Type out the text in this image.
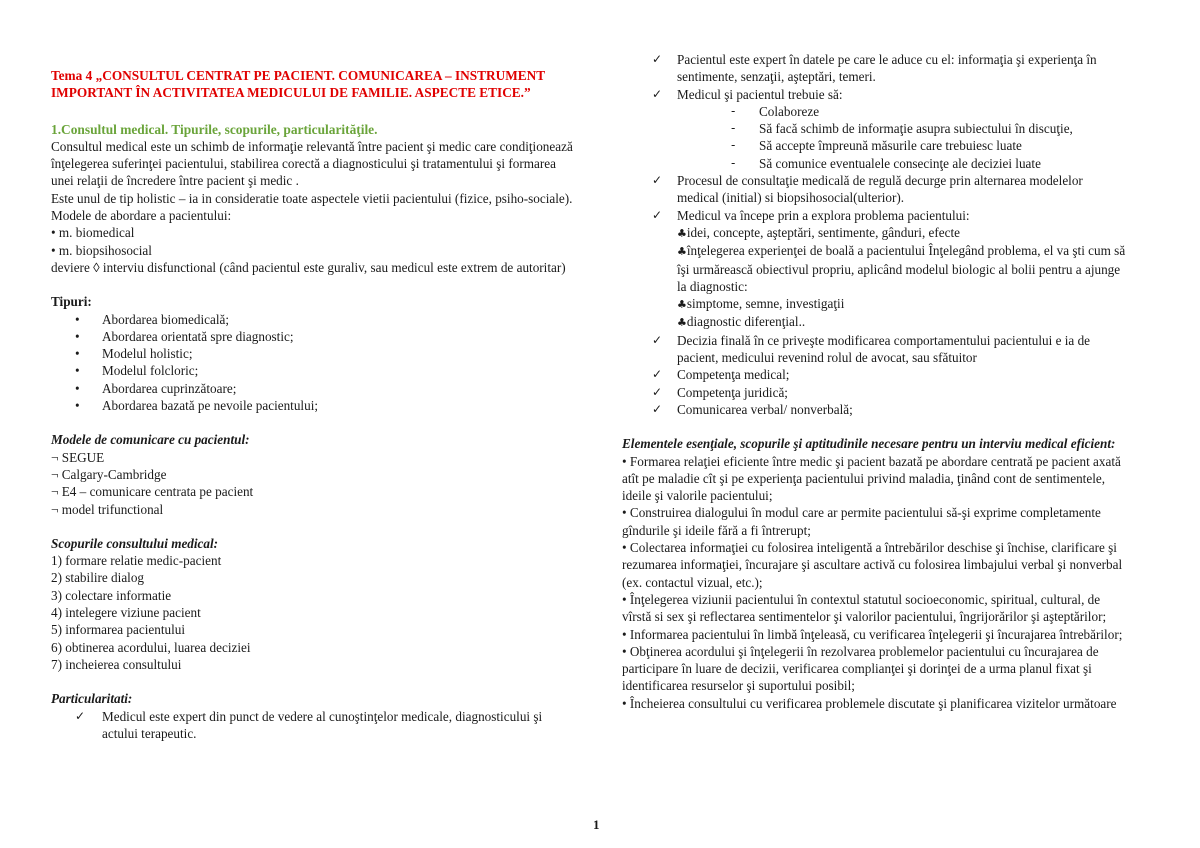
Tema 4 „CONSULTUL CENTRAT PE PACIENT. COMUNICAREA – INSTRUMENT IMPORTANT ÎN ACTIVITATEA MEDICULUI DE FAMILIE. ASPECTE ETICE.”

1.Consultul medical. Tipurile, scopurile, particularităţile.

Consultul medical este un schimb de informaţie relevantă între pacient şi medic care condiţionează înţelegerea suferinţei pacientului, stabilirea corectă a diagnosticului şi tratamentului şi formarea unei relaţii de încredere între pacient şi medic .

Este unul de tip holistic – ia in consideratie toate aspectele vietii pacientului (fizice, psiho-sociale).

Modele de abordare a pacientului:

• m. biomedical

• m. biopsihosocial

deviere ◊ interviu disfunctional (când pacientul este guraliv, sau medicul este extrem de autoritar)

Tipuri:

• Abordarea biomedicală;
• Abordarea orientată spre diagnostic;
• Modelul holistic;
• Modelul folcloric;
• Abordarea cuprinzătoare;
• Abordarea bazată pe nevoile pacientului;

Modele de comunicare cu pacientul:

¬ SEGUE

¬ Calgary-Cambridge

¬ E4 – comunicare centrata pe pacient

¬ model trifunctional

Scopurile consultului medical:

1) formare relatie medic-pacient

2) stabilire dialog

3) colectare informatie

4) intelegere viziune pacient

5) informarea pacientului

6) obtinerea acordului, luarea deciziei

7) incheierea consultului

Particularitati:

✓ Medicul este expert din punct de vedere al cunoştinţelor medicale, diagnosticului şi actului terapeutic.
✓ Pacientul este expert în datele pe care le aduce cu el: informaţia şi experienţa în sentimente, senzaţii, aşteptări, temeri.
✓ Medicul şi pacientul trebuie să:
- Colaboreze
- Să facă schimb de informaţie asupra subiectului în discuţie,
- Să accepte împreună măsurile care trebuiesc luate
- Să comunice eventualele consecinţe ale deciziei luate
✓ Procesul de consultaţie medicală de regulă decurge prin alternarea modelelor medical (initial) si biopsihosocial(ulterior).
✓ Medicul va începe prin a explora problema pacientului:
♣idei, concepte, aşteptări, sentimente, gânduri, efecte
♣înţelegerea experienţei de boală a pacientului Înţelegând problema, el va şti cum să îşi urmărească obiectivul propriu, aplicând modelul biologic al bolii pentru a ajunge la diagnostic:
♣simptome, semne, investigaţii
♣diagnostic diferenţial..
✓ Decizia finală în ce priveşte modificarea comportamentului pacientului e ia de pacient, medicului revenind rolul de avocat, sau sfătuitor
✓ Competenţa medical;
✓ Competenţa juridică;
✓ Comunicarea verbal/ nonverbală;

Elementele esenţiale, scopurile şi aptitudinile necesare pentru un interviu medical eficient:

• Formarea relaţiei eficiente între medic şi pacient bazată pe abordare centrată pe pacient axată atît pe maladie cît şi pe experienţa pacientului privind maladia, ţinând cont de sentimentele, ideile şi valorile pacientului;

• Construirea dialogului în modul care ar permite pacientului să-şi exprime completamente gîndurile şi ideile fără a fi întrerupt;

• Colectarea informaţiei cu folosirea inteligentă a întrebărilor deschise şi închise, clarificare şi rezumarea informaţiei, încurajare şi ascultare activă cu folosirea limbajului verbal şi nonverbal (ex. contactul vizual, etc.);

• Înţelegerea viziunii pacientului în contextul statutul socioeconomic, spiritual, cultural, de vîrstă si sex şi reflectarea sentimentelor şi valorilor pacientului, îngrijorărilor şi aşteptărilor;

• Informarea pacientului în limbă înţeleasă, cu verificarea înţelegerii şi încurajarea întrebărilor;

• Obţinerea acordului şi înţelegerii în rezolvarea problemelor pacientului cu încurajarea de participare în luare de decizii, verificarea complianţei şi dorinţei de a urma planul fixat şi identificarea resurselor şi suportului posibil;

• Încheierea consultului cu verificarea problemele discutate şi planificarea vizitelor următoare

1
